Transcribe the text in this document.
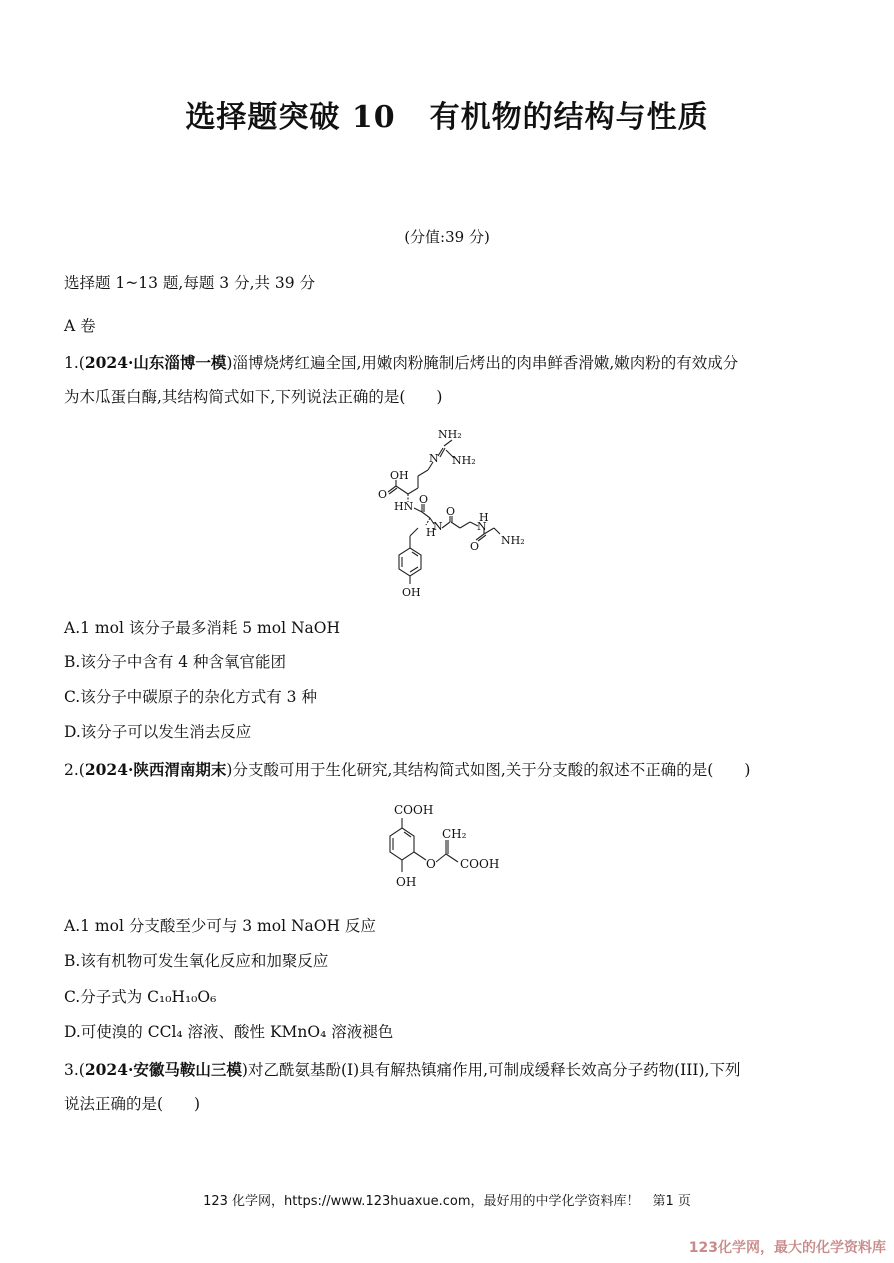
选择题突破 10 有机物的结构与性质
(分值:39 分)
选择题 1~13 题,每题 3 分,共 39 分
A 卷
1.(2024·山东淄博一模)淄博烧烤红遍全国,用嫩肉粉腌制后烤出的肉串鲜香滑嫩,嫩肉粉的有效成分
为木瓜蛋白酶,其结构简式如下,下列说法正确的是(　　)
NH₂
N NH₂
OH
O
HN
O
N
H
O
N
H
O NH₂
OH
A.1 mol 该分子最多消耗 5 mol NaOH
B.该分子中含有 4 种含氧官能团
C.该分子中碳原子的杂化方式有 3 种
D.该分子可以发生消去反应
2.(2024·陕西渭南期末)分支酸可用于生化研究,其结构简式如图,关于分支酸的叙述不正确的是(　　)
COOH
CH₂
O COOH
OH
A.1 mol 分支酸至少可与 3 mol NaOH 反应
B.该有机物可发生氧化反应和加聚反应
C.分子式为 C₁₀H₁₀O₆
D.可使溴的 CCl₄ 溶液、酸性 KMnO₄ 溶液褪色
3.(2024·安徽马鞍山三模)对乙酰氨基酚(Ⅰ)具有解热镇痛作用,可制成缓释长效高分子药物(III),下列
说法正确的是(　　)
123 化学网，https://www.123huaxue.com，最好用的中学化学资料库！　第1 页
123化学网，最大的化学资料库
